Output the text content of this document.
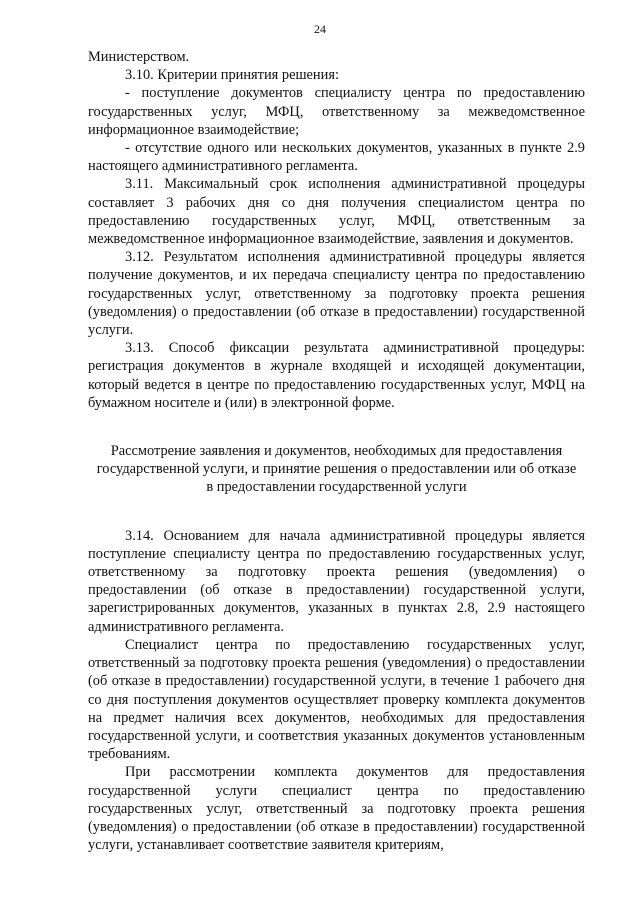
24

Министерством.

3.10. Критерии принятия решения:

- поступление документов специалисту центра по предоставлению государственных услуг, МФЦ, ответственному за межведомственное информационное взаимодействие;

- отсутствие одного или нескольких документов, указанных в пункте 2.9 настоящего административного регламента.

3.11. Максимальный срок исполнения административной процедуры составляет 3 рабочих дня со дня получения специалистом центра по предоставлению государственных услуг, МФЦ, ответственным за межведомственное информационное взаимодействие, заявления и документов.

3.12. Результатом исполнения административной процедуры является получение документов, и их передача специалисту центра по предоставлению государственных услуг, ответственному за подготовку проекта решения (уведомления) о предоставлении (об отказе в предоставлении) государственной услуги.

3.13. Способ фиксации результата административной процедуры: регистрация документов в журнале входящей и исходящей документации, который ведется в центре по предоставлению государственных услуг, МФЦ на бумажном носителе и (или) в электронной форме.

Рассмотрение заявления и документов, необходимых для предоставления государственной услуги, и принятие решения о предоставлении или об отказе в предоставлении государственной услуги

3.14. Основанием для начала административной процедуры является поступление специалисту центра по предоставлению государственных услуг, ответственному за подготовку проекта решения (уведомления) о предоставлении (об отказе в предоставлении) государственной услуги, зарегистрированных документов, указанных в пунктах 2.8, 2.9 настоящего административного регламента.

Специалист центра по предоставлению государственных услуг, ответственный за подготовку проекта решения (уведомления) о предоставлении (об отказе в предоставлении) государственной услуги, в течение 1 рабочего дня со дня поступления документов осуществляет проверку комплекта документов на предмет наличия всех документов, необходимых для предоставления государственной услуги, и соответствия указанных документов установленным требованиям.

При рассмотрении комплекта документов для предоставления государственной услуги специалист центра по предоставлению государственных услуг, ответственный за подготовку проекта решения (уведомления) о предоставлении (об отказе в предоставлении) государственной услуги, устанавливает соответствие заявителя критериям,
